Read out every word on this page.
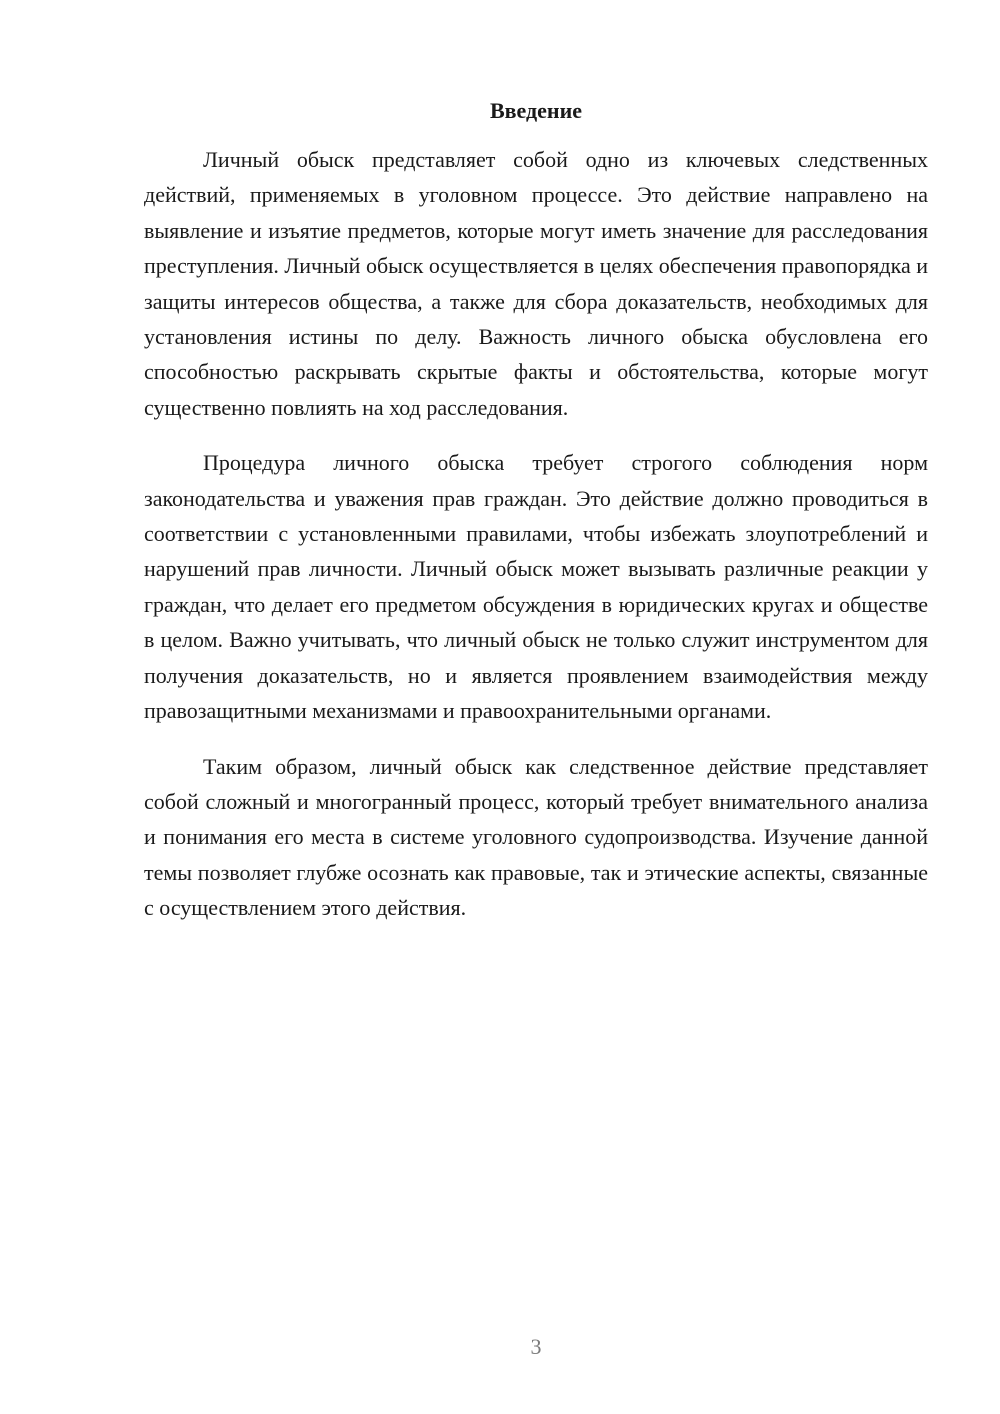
Введение

Личный обыск представляет собой одно из ключевых следственных действий, применяемых в уголовном процессе. Это действие направлено на выявление и изъятие предметов, которые могут иметь значение для расследования преступления. Личный обыск осуществляется в целях обеспечения правопорядка и защиты интересов общества, а также для сбора доказательств, необходимых для установления истины по делу. Важность личного обыска обусловлена его способностью раскрывать скрытые факты и обстоятельства, которые могут существенно повлиять на ход расследования.

Процедура личного обыска требует строгого соблюдения норм законодательства и уважения прав граждан. Это действие должно проводиться в соответствии с установленными правилами, чтобы избежать злоупотреблений и нарушений прав личности. Личный обыск может вызывать различные реакции у граждан, что делает его предметом обсуждения в юридических кругах и обществе в целом. Важно учитывать, что личный обыск не только служит инструментом для получения доказательств, но и является проявлением взаимодействия между правозащитными механизмами и правоохранительными органами.

Таким образом, личный обыск как следственное действие представляет собой сложный и многогранный процесс, который требует внимательного анализа и понимания его места в системе уголовного судопроизводства. Изучение данной темы позволяет глубже осознать как правовые, так и этические аспекты, связанные с осуществлением этого действия.

3
